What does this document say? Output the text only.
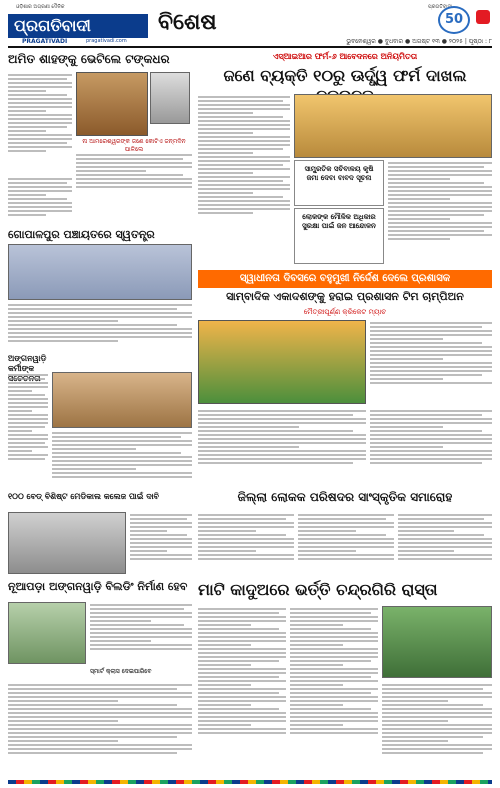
ଓଡ଼ିଶାର ଅଗ୍ରଣୀ ଦୈନିକ	ପ୍ରଗତିବାଦୀ
ପ୍ରଗତିବାଦୀ
PRAGATIVADI	pragativadi.com
ବିଶେଷ	50
ଭୁବନେଶ୍ୱର ● ବୁଧବାର ● ଅଗଷ୍ଟ ୧୩ ● ୨୦୨୫ | ପୃଷ୍ଠା : ୮
ଅମିତ ଶାହଙ୍କୁ ଭେଟିଲେ ଟଙ୍କଧର
ନା ଆମରେଶ୍ୱରଙ୍କ ଜଣେ କୋଟିଏ ଜନ୍ମଦିନ ପାଳିଲେ
ଗୋପାଳପୁର ପଞ୍ଚାୟତରେ ସ୍ୱତନ୍ତ୍ର
ଅଙ୍ଗନୱାଡ଼ି କର୍ମୀଙ୍କ
୧୦୦ ବେଡ୍ ବିଶିଷ୍ଟ ମେଡିକାଲ କଲେଜ ପାଇଁ ଦାବି
ଏସ୍‌ଆଇଆର ଫର୍ମ-୬ ଆବେଦନରେ ଅନିୟମିତତା
ଜଣେ ବ୍ୟକ୍ତି ୧୦ରୁ ଊର୍ଦ୍ଧ୍ୱ ଫର୍ମ ଦାଖଲ
ସାମ୍ପ୍ରତିକ ସଚିବାଳୟ କୃଷି ଜମା ଦେବା ବାବଦ ସୂଚନା
ଲୋକଙ୍କ ମୌଳିକ ଅଧିକାର ସୁରକ୍ଷା ପାଇଁ ଜନ ଆନ୍ଦୋଳନ
ସ୍ୱାଧୀନତା ଦିବସରେ ବହୁମୁଖୀ ନିର୍ଦ୍ଦେଶ ଦେଲେ ପ୍ରଶାସକ
ସାମ୍ବାଦିକ ଏକାଦଶଙ୍କୁ ହରାଇ ପ୍ରଶାସନ ଟିମ ଚାମ୍ପିଅନ
ମୈତ୍ରୀପୂର୍ଣ୍ଣ କ୍ରିକେଟ ମ୍ୟାଚ
ଜିଲ୍ଲା ଲୋକକ ପରିଷଦର ସାଂସ୍କୃତିକ ସମାରୋହ
ନୂଆପଡ଼ା ଅଙ୍ଗନୱାଡ଼ି ବିଲଡିଂ ନିର୍ମାଣ ହେବ
ସ୍ମାର୍ଟ କ୍ଲାସ ଦେଇପାରିବେ
ମାଟି କାଦୁଅରେ ଭର୍ତ୍ତି ଚନ୍ଦ୍ରଗିରି ରାସ୍ତା
